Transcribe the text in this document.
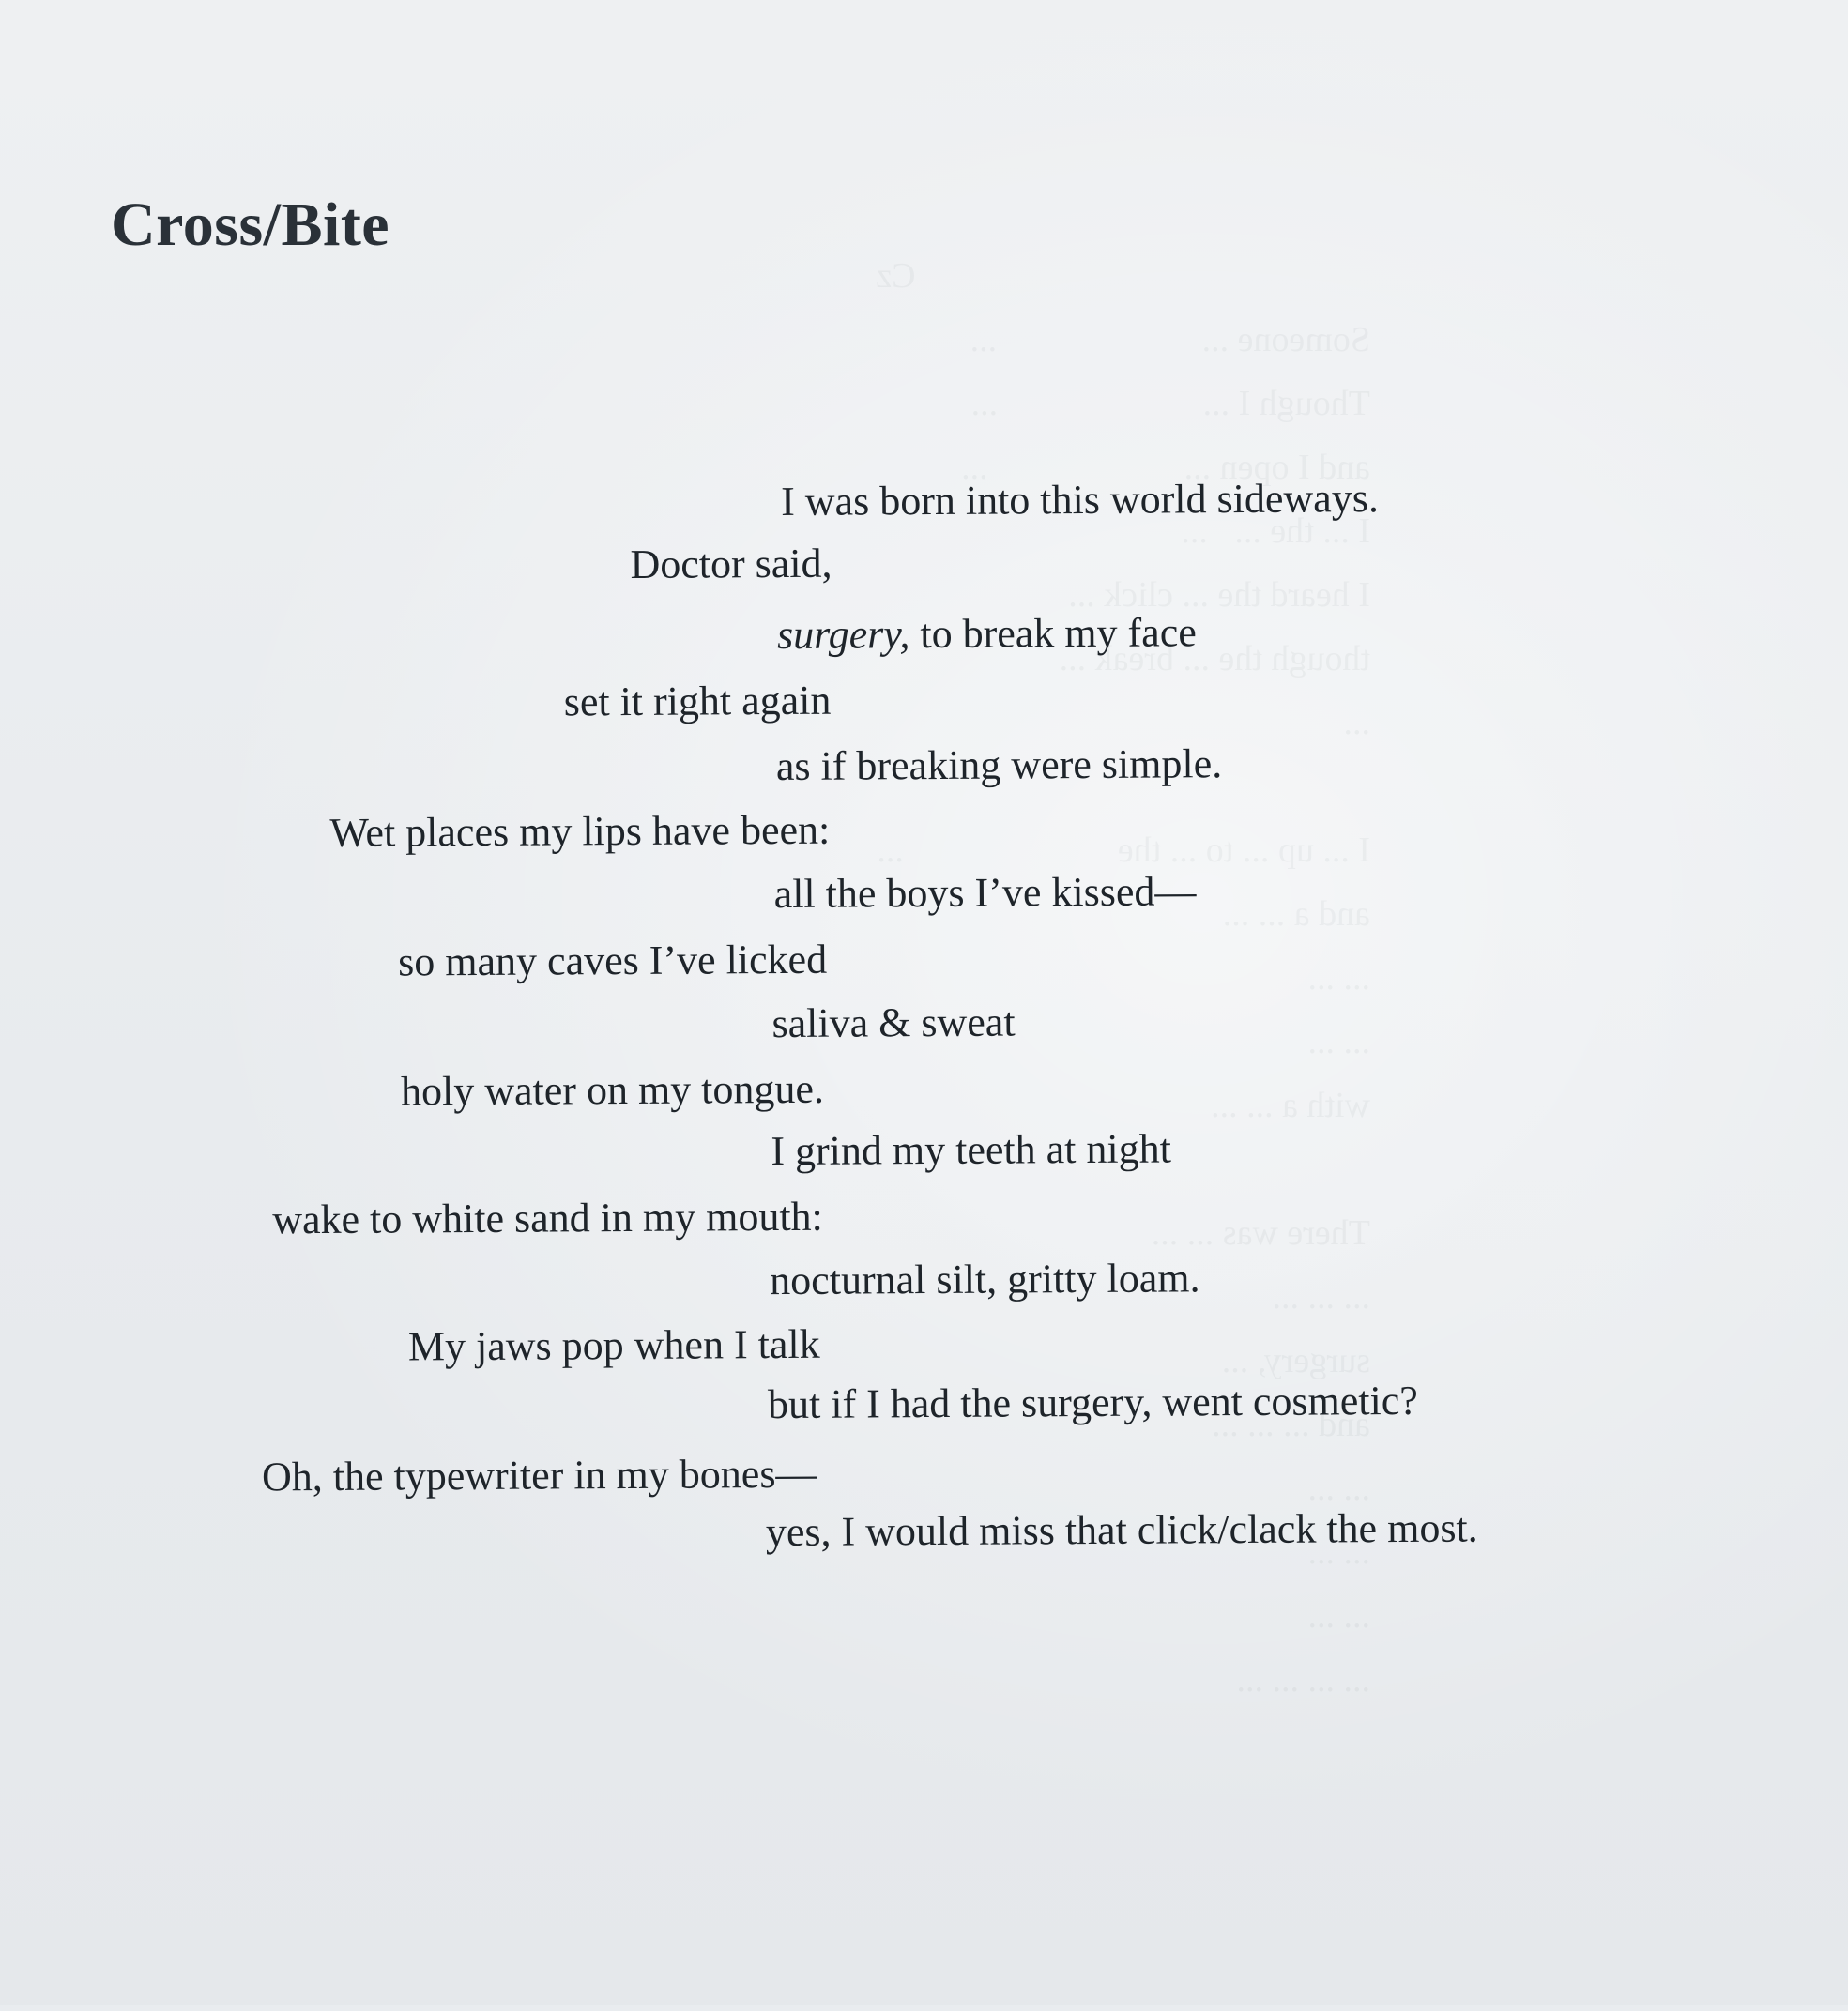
Cross/Bite

I was born into this world sideways.

Doctor said,

surgery, to break my face

set it right again

as if breaking were simple.

Wet places my lips have been:

all the boys I’ve kissed—

so many caves I’ve licked

saliva & sweat

holy water on my tongue.

I grind my teeth at night

wake to white sand in my mouth:

nocturnal silt, gritty loam.

My jaws pop when I talk

but if I had the surgery, went cosmetic?

Oh, the typewriter in my bones—

yes, I would miss that click/clack the most.
